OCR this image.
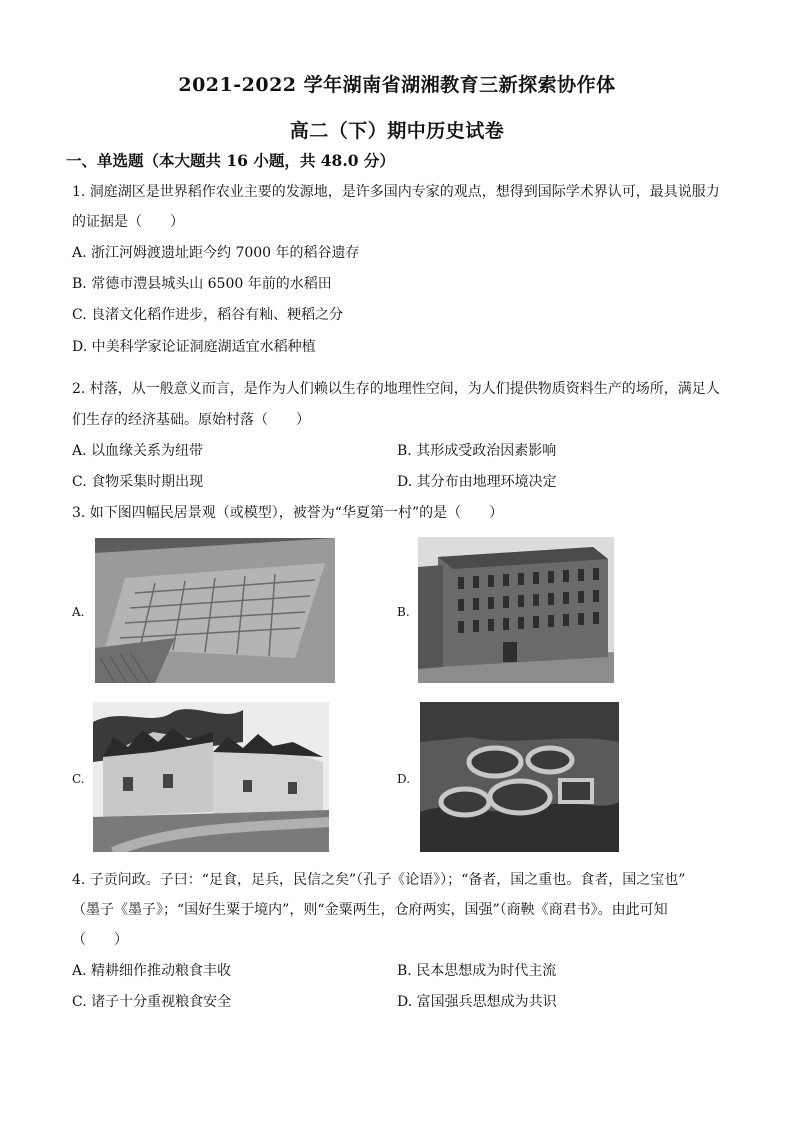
2021-2022 学年湖南省湖湘教育三新探索协作体
高二（下）期中历史试卷
一、单选题（本大题共 16 小题，共 48.0 分）
1. 洞庭湖区是世界稻作农业主要的发源地，是许多国内专家的观点，想得到国际学术界认可，最具说服力
的证据是（　　）
A. 浙江河姆渡遗址距今约 7000 年的稻谷遗存
B. 常德市澧县城头山 6500 年前的水稻田
C. 良渚文化稻作进步，稻谷有籼、粳稻之分
D. 中美科学家论证洞庭湖适宜水稻种植
2. 村落，从一般意义而言，是作为人们赖以生存的地理性空间，为人们提供物质资料生产的场所，满足人
们生存的经济基础。原始村落（　　）
A. 以血缘关系为纽带	B. 其形成受政治因素影响
C. 食物采集时期出现	D. 其分布由地理环境决定
3. 如下图四幅民居景观（或模型），被誉为“华夏第一村”的是（　　）
A.	B.
C.	D.
4. 子贡问政。子曰：“足食，足兵，民信之矣”（孔子《论语》）；“备者，国之重也。食者，国之宝也”
（墨子《墨子》；“国好生粟于境内”，则“金粟两生，仓府两实，国强”（商鞅《商君书》。由此可知
（　　）
A. 精耕细作推动粮食丰收	B. 民本思想成为时代主流
C. 诸子十分重视粮食安全	D. 富国强兵思想成为共识
